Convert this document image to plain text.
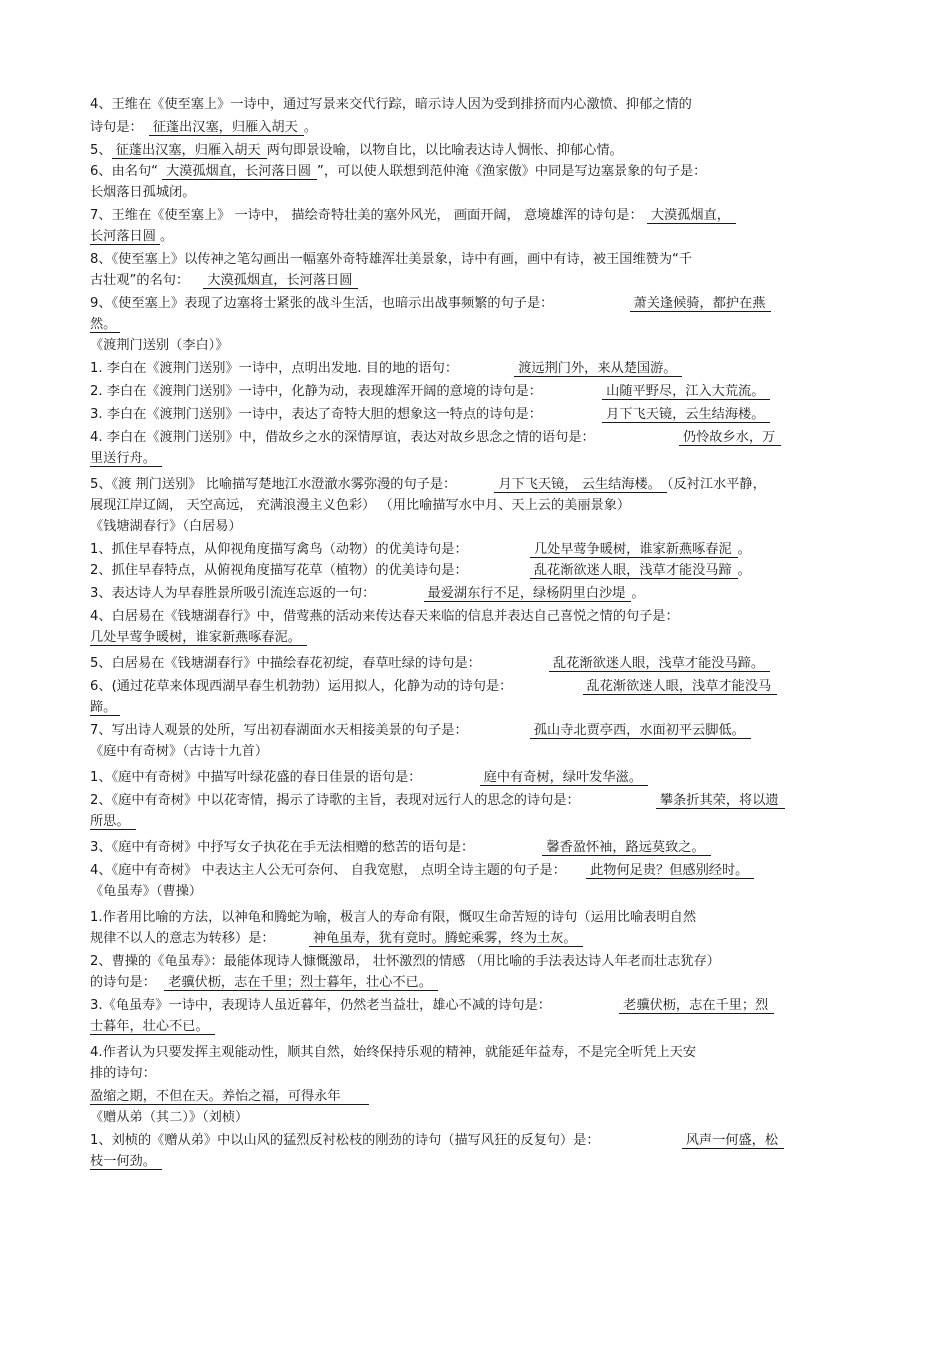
4、王维在《使至塞上》一诗中，通过写景来交代行踪，暗示诗人因为受到排挤而内心激愤、抑郁之情的
诗句是： 征蓬出汉塞，归雁入胡天 。
5、 征蓬出汉塞，归雁入胡天 两句即景设喻，以物自比，以比喻表达诗人惆怅、抑郁心情。
6、由名句“ 大漠孤烟直，长河落日圆 ”，可以使人联想到范仲淹《渔家傲》中同是写边塞景象的句子是：
长烟落日孤城闭。
7、王维在《使至塞上》 一诗中， 描绘奇特壮美的塞外风光， 画面开阔， 意境雄浑的诗句是： 大漠孤烟直，
长河落日圆 。
8、《使至塞上》以传神之笔勾画出一幅塞外奇特雄浑壮美景象，诗中有画，画中有诗，被王国维赞为“千
古壮观”的名句： 大漠孤烟直，长河落日圆
9、《使至塞上》表现了边塞将士紧张的战斗生活，也暗示出战事频繁的句子是：	萧关逢候骑，都护在燕
然。
《渡荆门送别（李白）》
1. 李白在《渡荆门送别》一诗中，点明出发地. 目的地的语句：	渡远荆门外，来从楚国游。
2. 李白在《渡荆门送别》一诗中，化静为动，表现雄浑开阔的意境的诗句是：	山随平野尽，江入大荒流。
3. 李白在《渡荆门送别》一诗中，表达了奇特大胆的想象这一特点的诗句是：	月下飞天镜，云生结海楼。
4. 李白在《渡荆门送别》中，借故乡之水的深情厚谊，表达对故乡思念之情的语句是：	仍怜故乡水，万
里送行舟。
5、《渡 荆门送别》 比喻描写楚地江水澄澈水雾弥漫的句子是：	月下飞天镜， 云生结海楼。 （反衬江水平静，
展现江岸辽阔， 天空高远， 充满浪漫主义色彩） （用比喻描写水中月、天上云的美丽景象）
《钱塘湖春行》（白居易）
1、抓住早春特点，从仰视角度描写禽鸟（动物）的优美诗句是：	几处早莺争暖树，谁家新燕啄春泥 。
2、抓住早春特点，从俯视角度描写花草（植物）的优美诗句是：	乱花渐欲迷人眼，浅草才能没马蹄 。
3、表达诗人为早春胜景所吸引流连忘返的一句：	最爱湖东行不足，绿杨阴里白沙堤 。
4、白居易在《钱塘湖春行》中，借莺燕的活动来传达春天来临的信息并表达自己喜悦之情的句子是：
几处早莺争暖树，谁家新燕啄春泥。
5、白居易在《钱塘湖春行》中描绘春花初绽，春草吐绿的诗句是：	乱花渐欲迷人眼，浅草才能没马蹄。
6、(通过花草来体现西湖早春生机勃勃）运用拟人，化静为动的诗句是：	乱花渐欲迷人眼，浅草才能没马
蹄。
7、写出诗人观景的处所，写出初春湖面水天相接美景的句子是：	孤山寺北贾亭西，水面初平云脚低。
《庭中有奇树》（古诗十九首）
1、《庭中有奇树》中描写叶绿花盛的春日佳景的语句是：	庭中有奇树，绿叶发华滋。
2、《庭中有奇树》中以花寄情，揭示了诗歌的主旨，表现对远行人的思念的诗句是：	攀条折其荣，将以遗
所思。
3、《庭中有奇树》中抒写女子执花在手无法相赠的愁苦的语句是：	馨香盈怀袖，路远莫致之。
4、《庭中有奇树》 中表达主人公无可奈何、 自我宽慰， 点明全诗主题的句子是： 此物何足贵？但感别经时。
《龟虽寿》（曹操）
1.作者用比喻的方法，以神龟和腾蛇为喻，极言人的寿命有限，慨叹生命苦短的诗句（运用比喻表明自然
规律不以人的意志为转移）是：	神龟虽寿，犹有竟时。腾蛇乘雾，终为土灰。
2、曹操的《龟虽寿》：最能体现诗人慷慨激昂， 壮怀激烈的情感 （用比喻的手法表达诗人年老而壮志犹存）
的诗句是： 老骥伏枥，志在千里；烈士暮年，壮心不已。
3.《龟虽寿》一诗中，表现诗人虽近暮年，仍然老当益壮，雄心不减的诗句是：	老骥伏枥，志在千里；烈
士暮年，壮心不已。
4.作者认为只要发挥主观能动性，顺其自然，始终保持乐观的精神，就能延年益寿，不是完全听凭上天安
排的诗句：
盈缩之期，不但在天。养怡之福，可得永年
《赠从弟（其二）》（刘桢）
1、刘桢的《赠从弟》中以山风的猛烈反衬松枝的刚劲的诗句（描写风狂的反复句）是：	风声一何盛，松
枝一何劲。
